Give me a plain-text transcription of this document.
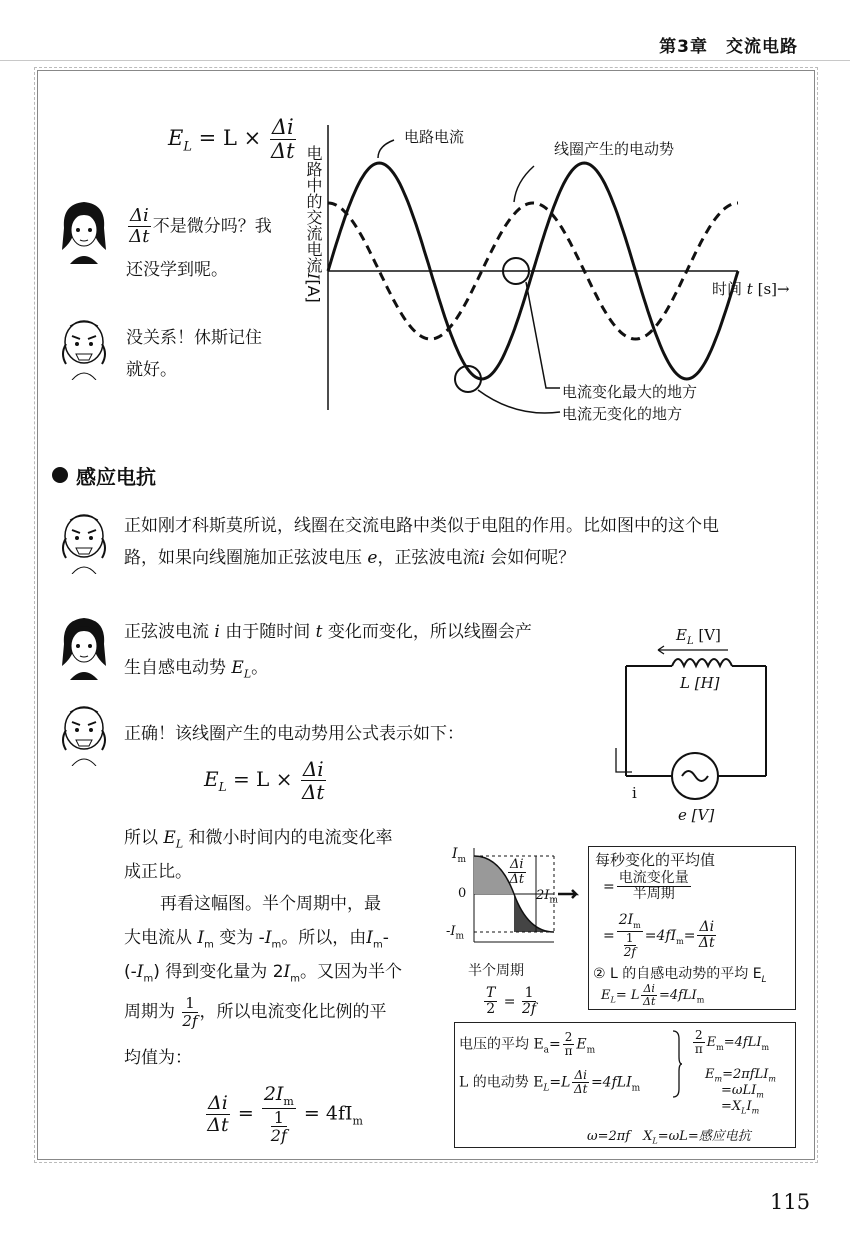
第3章　交流电路
$E_L = L \times \frac{\Delta i}{\Delta t}$
$\frac{\Delta i}{\Delta t}$ 不是微分吗？我
还没学到呢。
没关系！休斯记住
就好。
电路中的交流电流I[A]
电路电流
线圈产生的电动势
电流变化最大的地方
电流无变化的地方
时间 t [s]→
感应电抗
正如刚才科斯莫所说，线圈在交流电路中类似于电阻的作用。比如图中的这个电
路，如果向线圈施加正弦波电压 e，正弦波电流i 会如何呢？
正弦波电流 i 由于随时间 t 变化而变化，所以线圈会产
生自感电动势 $E_L$。
$E_L$ [V]
L [H]
i
e [V]
正确！该线圈产生的电动势用公式表示如下：
$E_L = L \times \frac{\Delta i}{\Delta t}$
所以 $E_L$ 和微小时间内的电流变化率
成正比。
再看这幅图。半个周期中，最
大电流从 $I_m$ 变为 $-I_m$。所以，由$I_m-$
$(-I_m)$ 得到变化量为 $2I_m$。又因为半个
周期为 $\frac{1}{2f}$ ，所以电流变化比例的平
均值为：
$\frac{\Delta i}{\Delta t} = \frac{2I_m}{\frac{1}{2f}} = 4fI_m$
$I_m$
0
$-I_m$
$\frac{\Delta i}{\Delta t}$
$2I_m$
半个周期
$\frac{T}{2} = \frac{1}{2f}$
每秒变化的平均值
= $\frac{\text{电流变化量}}{\text{半周期}}$
= $\frac{2I_m}{\frac{1}{2f}} =4fI_m= \frac{\Delta i}{\Delta t}$
② L 的自感电动势的平均 $E_L$
$E_L= L \frac{\Delta i}{\Delta t} =4fLI_m$
电压的平均 $E_a= \frac{2}{\pi} E_m$
L 的电动势 $E_L=L \frac{\Delta i}{\Delta t} =4fLI_m$
$\frac{2}{\pi} E_m=4fLI_m$
$E_m=2\pi fLI_m$
=ωLI$_m$
$=X_LI_m$
ω=2πf　$X_L=\omega L=$感应电抗
115
